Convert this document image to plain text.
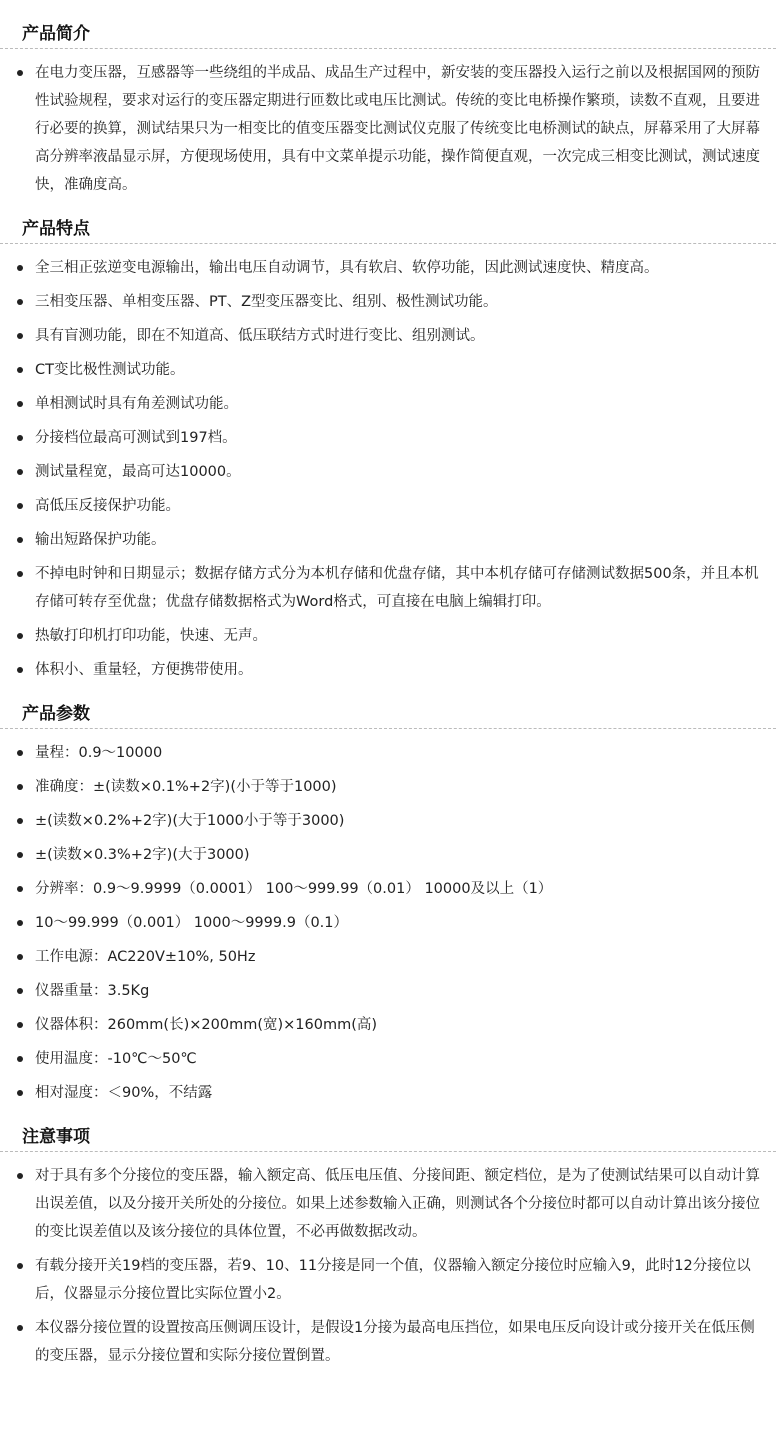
产品简介
在电力变压器，互感器等一些绕组的半成品、成品生产过程中，新安装的变压器投入运行之前以及根据国网的预防性试验规程，要求对运行的变压器定期进行匝数比或电压比测试。传统的变比电桥操作繁琐，读数不直观，且要进行必要的换算，测试结果只为一相变比的值变压器变比测试仪克服了传统变比电桥测试的缺点，屏幕采用了大屏幕高分辨率液晶显示屏，方便现场使用，具有中文菜单提示功能，操作简便直观，一次完成三相变比测试，测试速度快，准确度高。
产品特点
全三相正弦逆变电源输出，输出电压自动调节，具有软启、软停功能，因此测试速度快、精度高。
三相变压器、单相变压器、PT、Z型变压器变比、组别、极性测试功能。
具有盲测功能，即在不知道高、低压联结方式时进行变比、组别测试。
CT变比极性测试功能。
单相测试时具有角差测试功能。
分接档位最高可测试到197档。
测试量程宽，最高可达10000。
高低压反接保护功能。
输出短路保护功能。
不掉电时钟和日期显示；数据存储方式分为本机存储和优盘存储，其中本机存储可存储测试数据500条，并且本机存储可转存至优盘；优盘存储数据格式为Word格式，可直接在电脑上编辑打印。
热敏打印机打印功能，快速、无声。
体积小、重量轻，方便携带使用。
产品参数
量程：0.9～10000
准确度：±(读数×0.1%+2字)(小于等于1000)
±(读数×0.2%+2字)(大于1000小于等于3000)
±(读数×0.3%+2字)(大于3000)
分辨率：0.9～9.9999（0.0001） 100～999.99（0.01） 10000及以上（1）
10～99.999（0.001） 1000～9999.9（0.1）
工作电源：AC220V±10%, 50Hz
仪器重量：3.5Kg
仪器体积：260mm(长)×200mm(宽)×160mm(高)
使用温度：-10℃～50℃
相对湿度：＜90%，不结露
注意事项
对于具有多个分接位的变压器，输入额定高、低压电压值、分接间距、额定档位，是为了使测试结果可以自动计算出误差值，以及分接开关所处的分接位。如果上述参数输入正确，则测试各个分接位时都可以自动计算出该分接位的变比误差值以及该分接位的具体位置，不必再做数据改动。
有载分接开关19档的变压器，若9、10、11分接是同一个值，仪器输入额定分接位时应输入9，此时12分接位以后，仪器显示分接位置比实际位置小2。
本仪器分接位置的设置按高压侧调压设计，是假设1分接为最高电压挡位，如果电压反向设计或分接开关在低压侧的变压器，显示分接位置和实际分接位置倒置。
